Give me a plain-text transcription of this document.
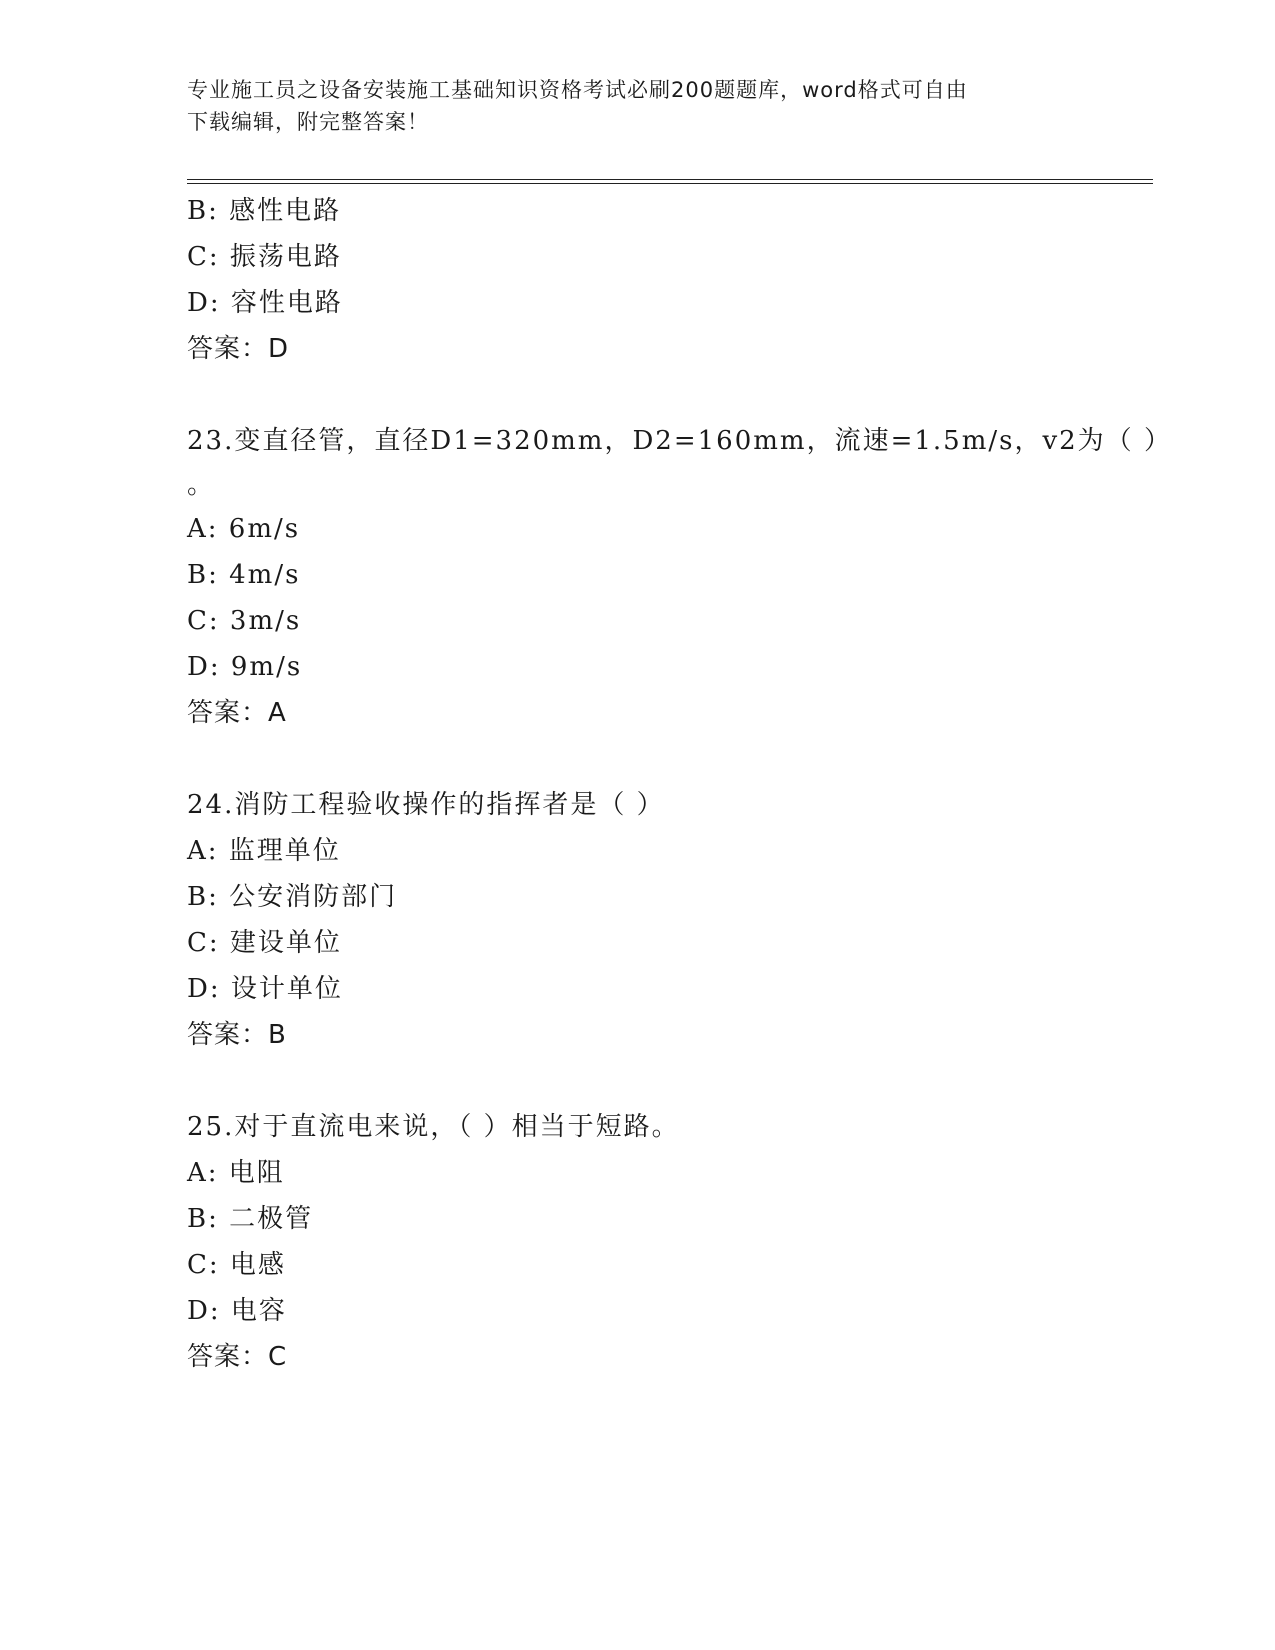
专业施工员之设备安装施工基础知识资格考试必刷200题题库，word格式可自由
下载编辑，附完整答案！
B: 感性电路
C: 振荡电路
D: 容性电路
答案：D
23.变直径管，直径D1=320mm，D2=160mm，流速=1.5m/s，v2为（ ）
。
A: 6m/s
B: 4m/s
C: 3m/s
D: 9m/s
答案：A
24.消防工程验收操作的指挥者是（ ）
A: 监理单位
B: 公安消防部门
C: 建设单位
D: 设计单位
答案：B
25.对于直流电来说，（ ）相当于短路。
A: 电阻
B: 二极管
C: 电感
D: 电容
答案：C
